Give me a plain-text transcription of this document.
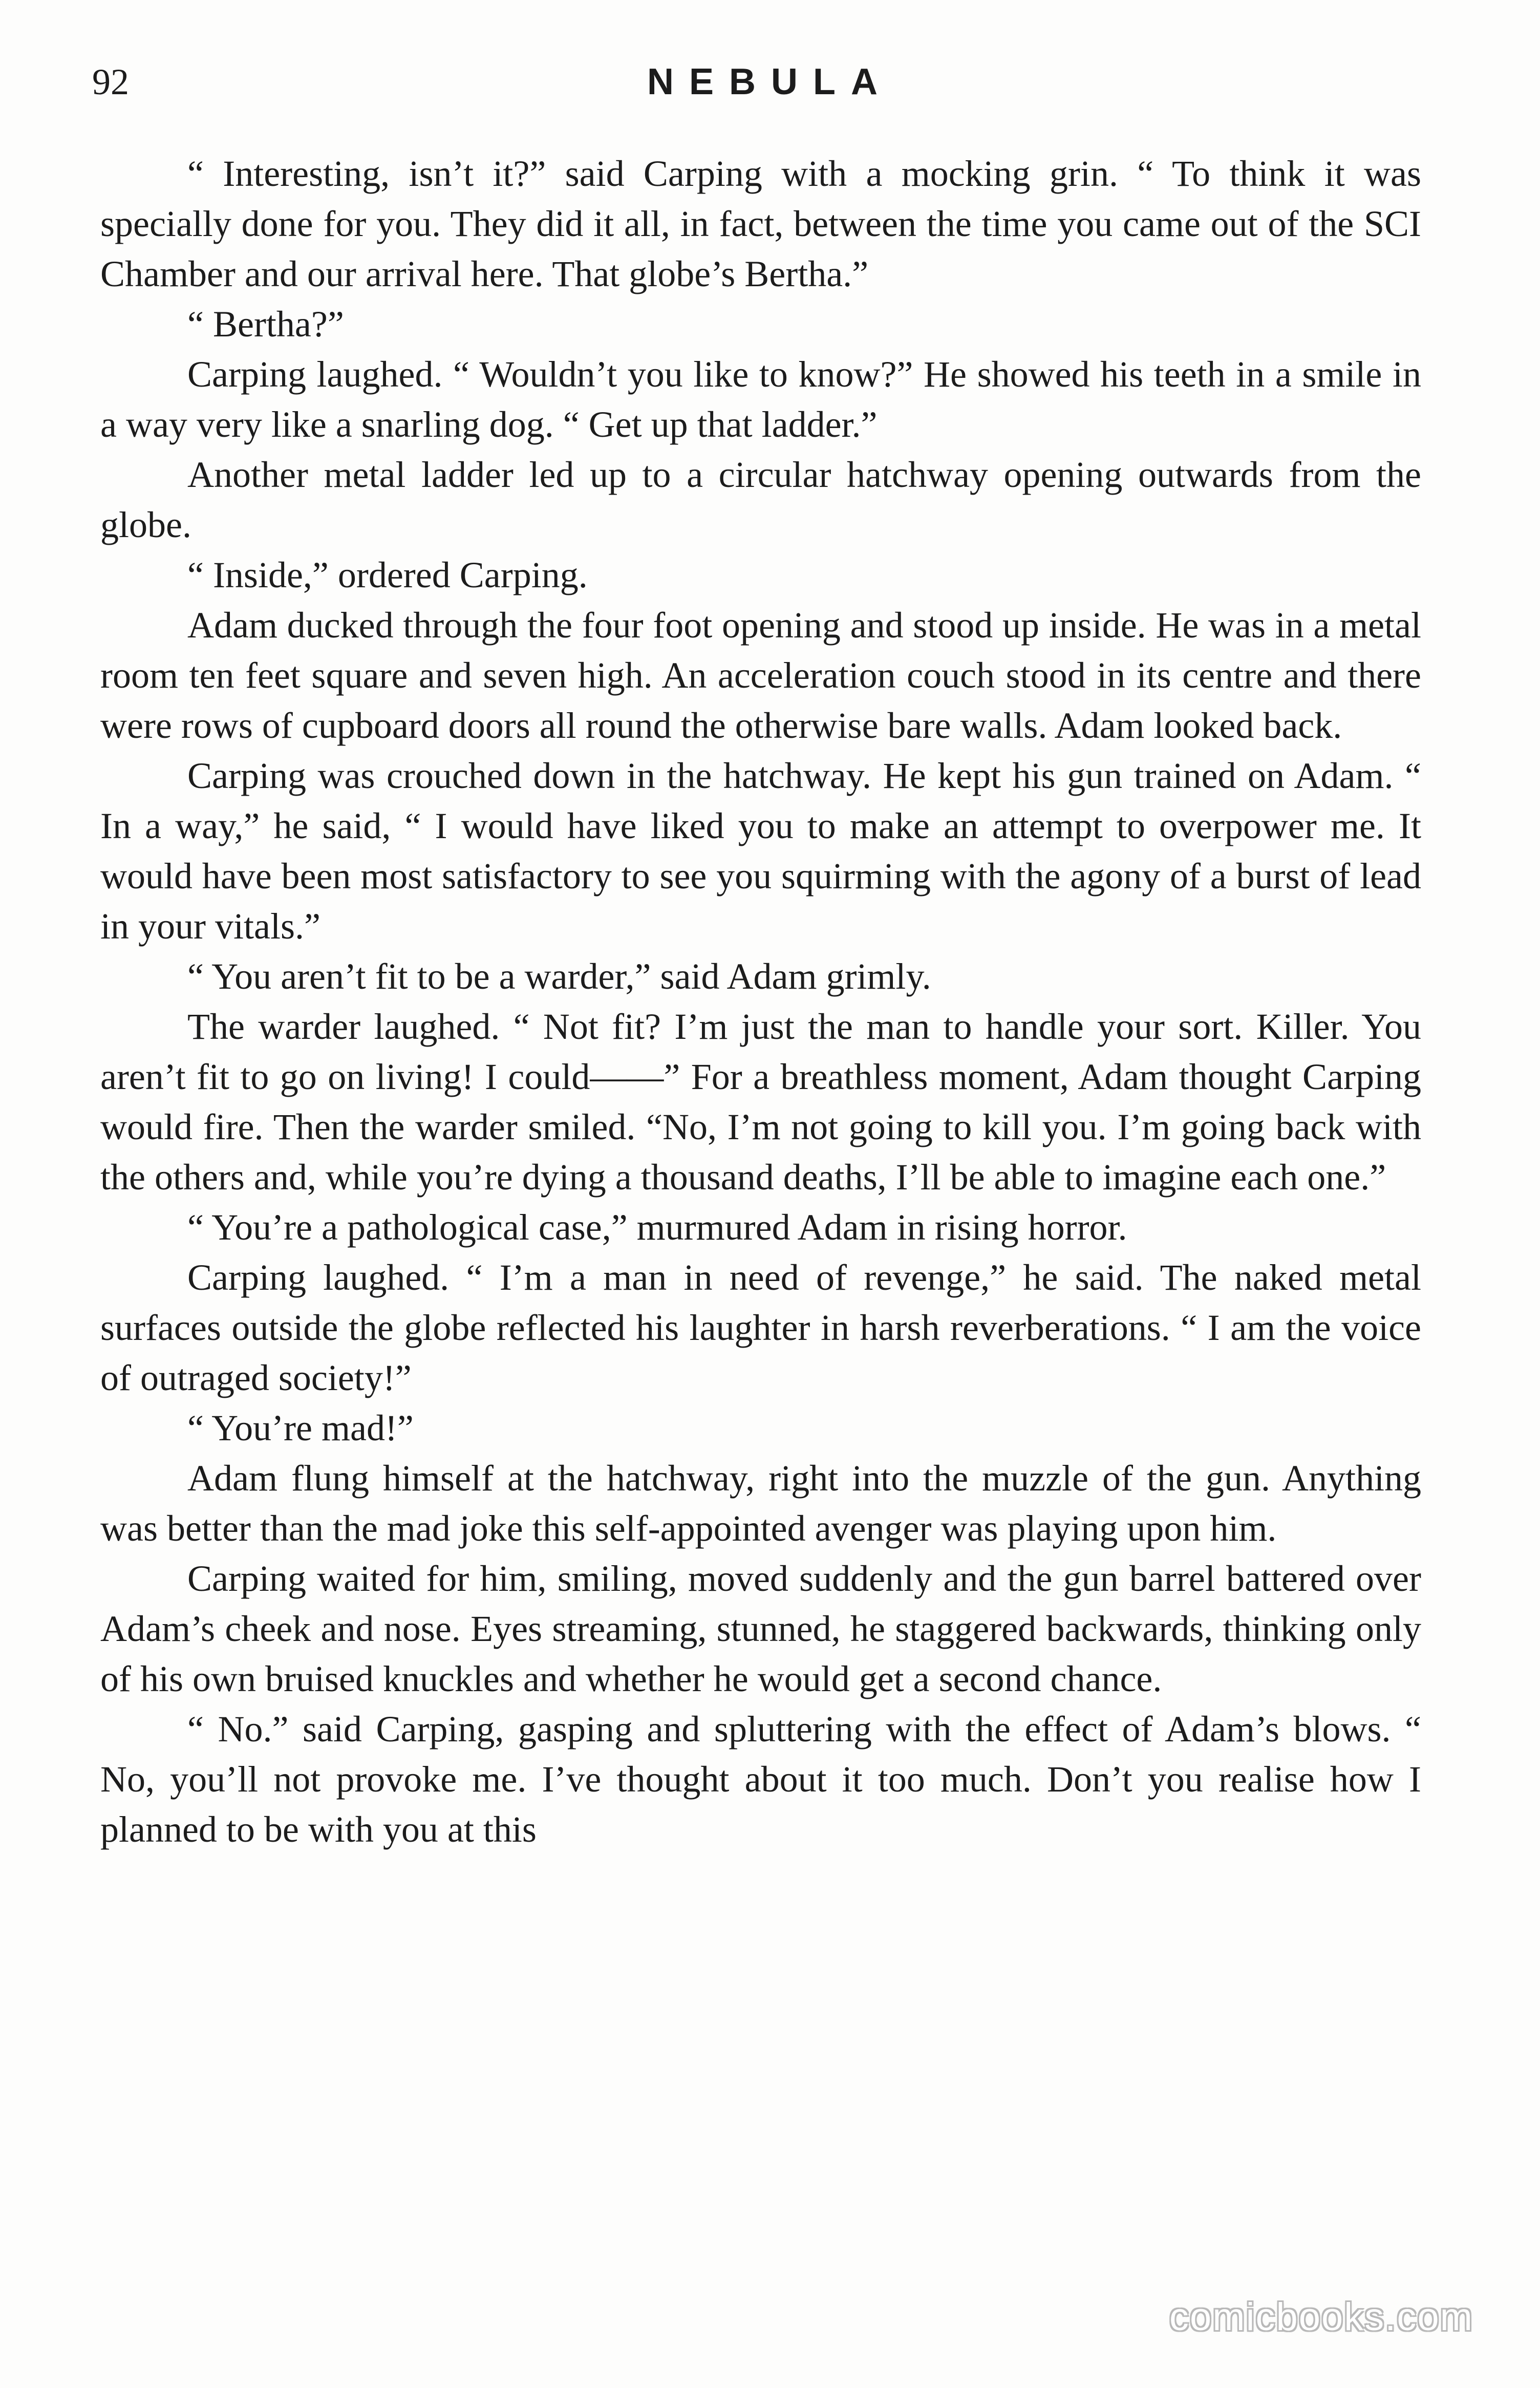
92	NEBULA

“ Interesting, isn’t it?” said Carping with a mocking grin. “ To think it was specially done for you. They did it all, in fact, between the time you came out of the SCI Chamber and our arrival here. That globe’s Bertha.”

“ Bertha?”

Carping laughed. “ Wouldn’t you like to know?” He showed his teeth in a smile in a way very like a snarling dog. “ Get up that ladder.”

Another metal ladder led up to a circular hatchway opening outwards from the globe.

“ Inside,” ordered Carping.

Adam ducked through the four foot opening and stood up inside. He was in a metal room ten feet square and seven high. An acceleration couch stood in its centre and there were rows of cupboard doors all round the otherwise bare walls. Adam looked back.

Carping was crouched down in the hatchway. He kept his gun trained on Adam. “ In a way,” he said, “ I would have liked you to make an attempt to overpower me. It would have been most satisfactory to see you squirming with the agony of a burst of lead in your vitals.”

“ You aren’t fit to be a warder,” said Adam grimly.

The warder laughed. “ Not fit? I’m just the man to handle your sort. Killer. You aren’t fit to go on living! I could——” For a breathless moment, Adam thought Carping would fire. Then the warder smiled. “No, I’m not going to kill you. I’m going back with the others and, while you’re dying a thousand deaths, I’ll be able to imagine each one.”

“ You’re a pathological case,” murmured Adam in rising horror.

Carping laughed. “ I’m a man in need of revenge,” he said. The naked metal surfaces outside the globe reflected his laughter in harsh reverberations. “ I am the voice of outraged society!”

“ You’re mad!”

Adam flung himself at the hatchway, right into the muzzle of the gun. Anything was better than the mad joke this self-appointed avenger was playing upon him.

Carping waited for him, smiling, moved suddenly and the gun barrel battered over Adam’s cheek and nose. Eyes streaming, stunned, he staggered backwards, thinking only of his own bruised knuckles and whether he would get a second chance.

“ No.” said Carping, gasping and spluttering with the effect of Adam’s blows. “ No, you’ll not provoke me. I’ve thought about it too much. Don’t you realise how I planned to be with you at this

comicbooks.com
